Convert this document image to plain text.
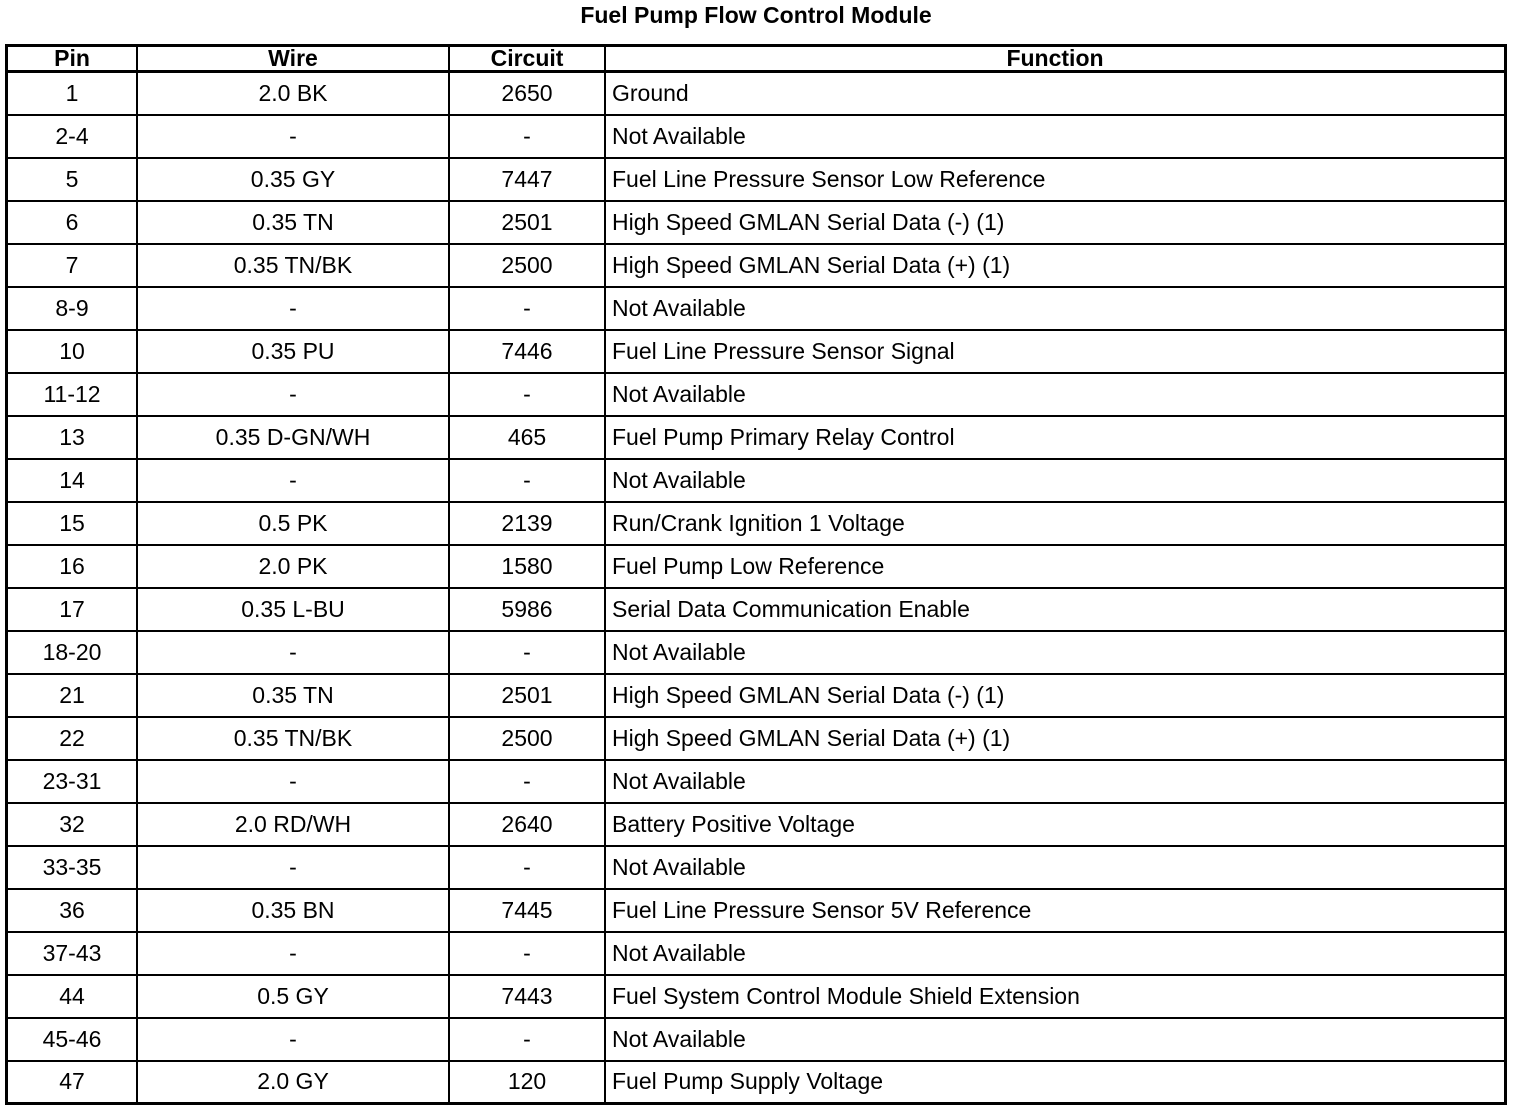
Fuel Pump Flow Control Module
Pin	Wire	Circuit	Function
1	2.0 BK	2650	Ground
2-4	-	-	Not Available
5	0.35 GY	7447	Fuel Line Pressure Sensor Low Reference
6	0.35 TN	2501	High Speed GMLAN Serial Data (-) (1)
7	0.35 TN/BK	2500	High Speed GMLAN Serial Data (+) (1)
8-9	-	-	Not Available
10	0.35 PU	7446	Fuel Line Pressure Sensor Signal
11-12	-	-	Not Available
13	0.35 D-GN/WH	465	Fuel Pump Primary Relay Control
14	-	-	Not Available
15	0.5 PK	2139	Run/Crank Ignition 1 Voltage
16	2.0 PK	1580	Fuel Pump Low Reference
17	0.35 L-BU	5986	Serial Data Communication Enable
18-20	-	-	Not Available
21	0.35 TN	2501	High Speed GMLAN Serial Data (-) (1)
22	0.35 TN/BK	2500	High Speed GMLAN Serial Data (+) (1)
23-31	-	-	Not Available
32	2.0 RD/WH	2640	Battery Positive Voltage
33-35	-	-	Not Available
36	0.35 BN	7445	Fuel Line Pressure Sensor 5V Reference
37-43	-	-	Not Available
44	0.5 GY	7443	Fuel System Control Module Shield Extension
45-46	-	-	Not Available
47	2.0 GY	120	Fuel Pump Supply Voltage
